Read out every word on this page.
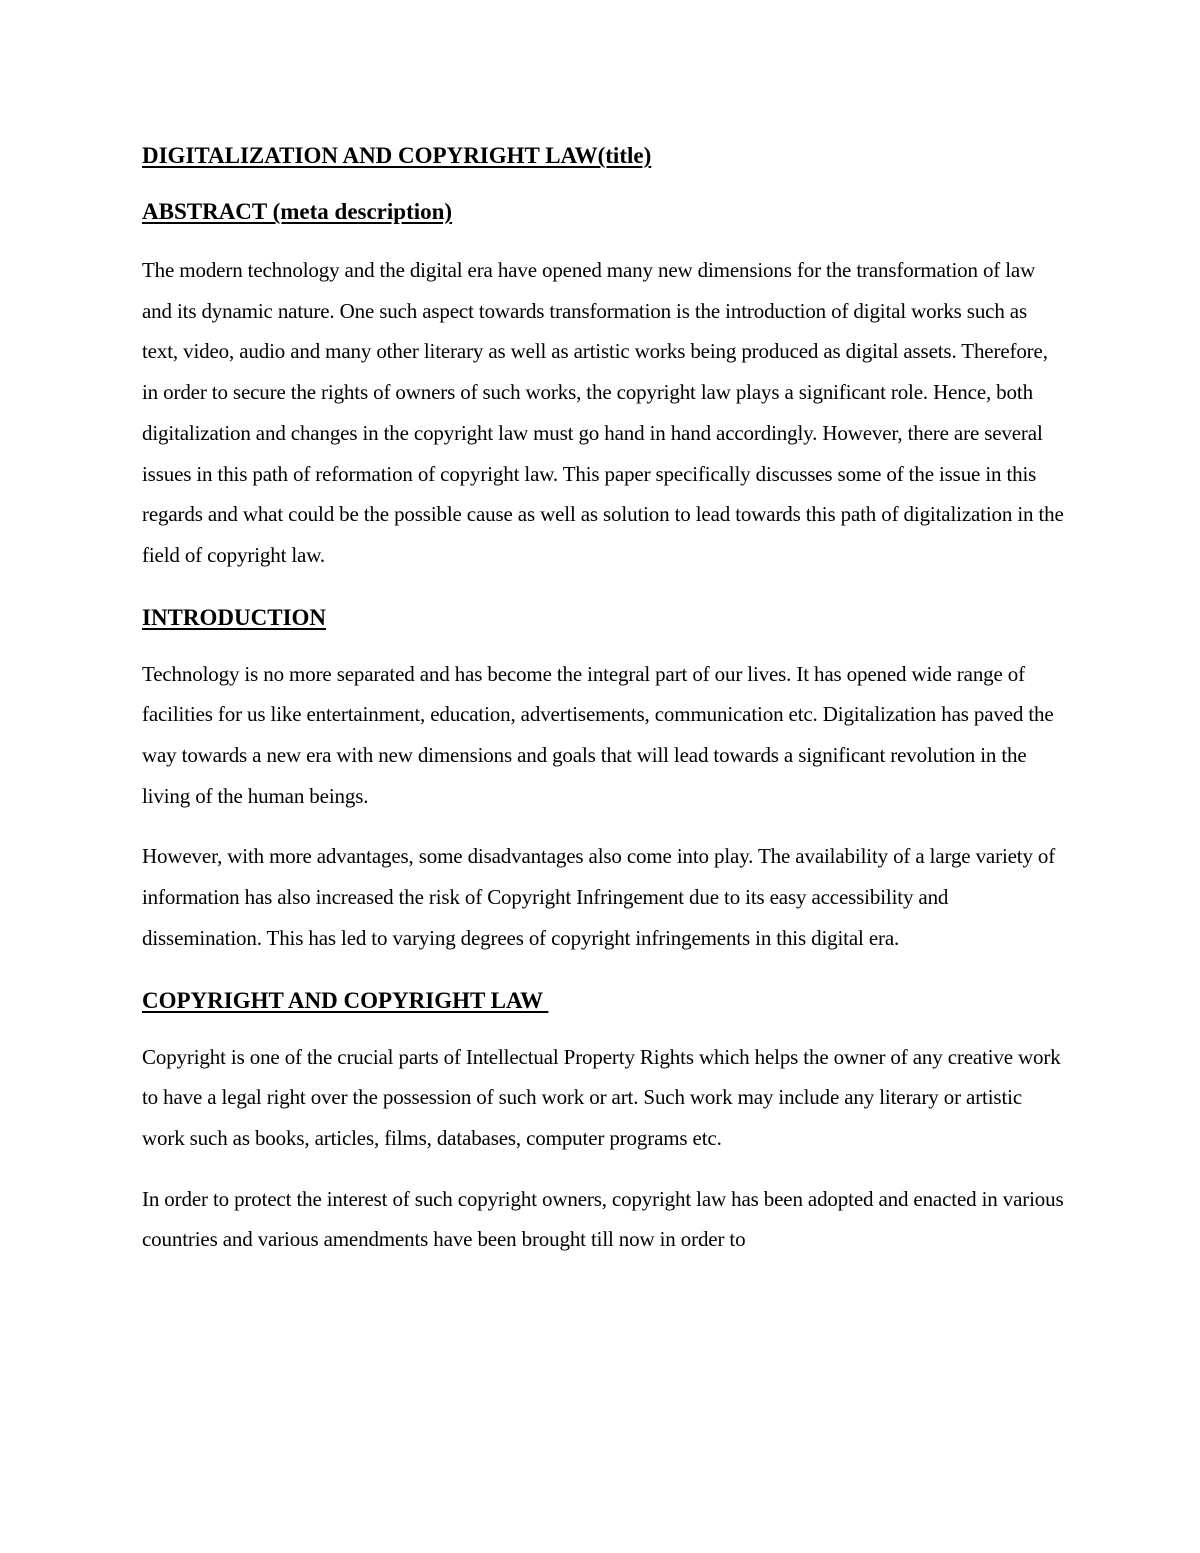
DIGITALIZATION AND COPYRIGHT LAW(title)

ABSTRACT (meta description)

The modern technology and the digital era have opened many new dimensions for the transformation of law and its dynamic nature. One such aspect towards transformation is the introduction of digital works such as text, video, audio and many other literary as well as artistic works being produced as digital assets. Therefore, in order to secure the rights of owners of such works, the copyright law plays a significant role. Hence, both digitalization and changes in the copyright law must go hand in hand accordingly. However, there are several issues in this path of reformation of copyright law. This paper specifically discusses some of the issue in this regards and what could be the possible cause as well as solution to lead towards this path of digitalization in the field of copyright law.

INTRODUCTION

Technology is no more separated and has become the integral part of our lives. It has opened wide range of facilities for us like entertainment, education, advertisements, communication etc. Digitalization has paved the way towards a new era with new dimensions and goals that will lead towards a significant revolution in the living of the human beings.

However, with more advantages, some disadvantages also come into play. The availability of a large variety of information has also increased the risk of Copyright Infringement due to its easy accessibility and dissemination. This has led to varying degrees of copyright infringements in this digital era.

COPYRIGHT AND COPYRIGHT LAW

Copyright is one of the crucial parts of Intellectual Property Rights which helps the owner of any creative work to have a legal right over the possession of such work or art. Such work may include any literary or artistic work such as books, articles, films, databases, computer programs etc.

In order to protect the interest of such copyright owners, copyright law has been adopted and enacted in various countries and various amendments have been brought till now in order to
